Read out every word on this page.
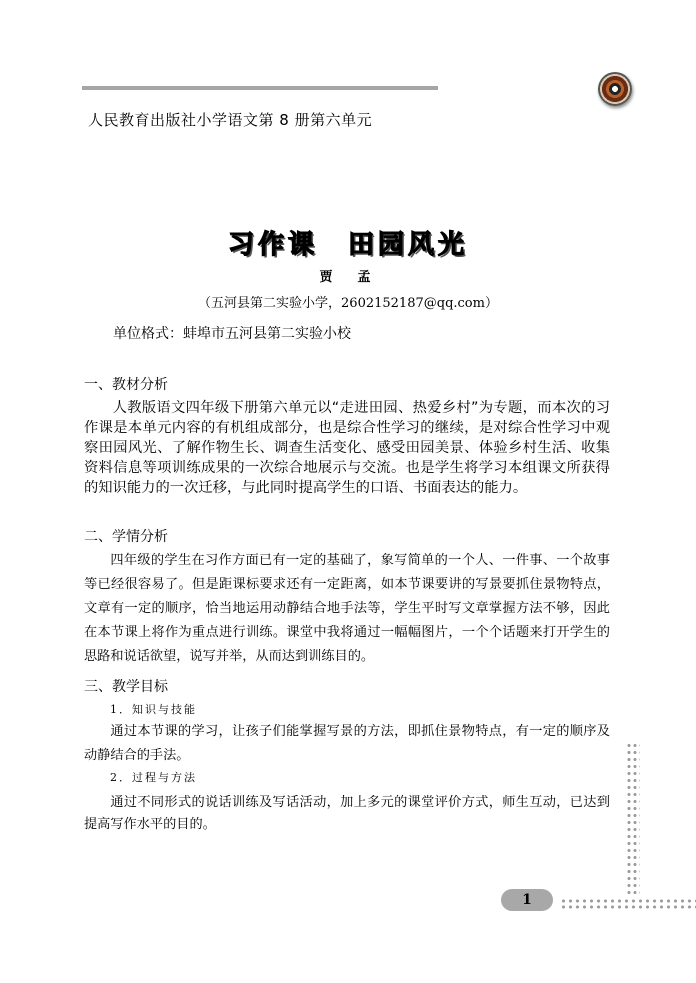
人民教育出版社小学语文第 8 册第六单元
习作课　田园风光
贾　孟
（五河县第二实验小学，2602152187@qq.com）
单位格式：蚌埠市五河县第二实验小校
一、教材分析

人教版语文四年级下册第六单元以“走进田园、热爱乡村”为专题，而本次的习作课是本单元内容的有机组成部分，也是综合性学习的继续，是对综合性学习中观察田园风光、了解作物生长、调查生活变化、感受田园美景、体验乡村生活、收集资料信息等项训练成果的一次综合地展示与交流。也是学生将学习本组课文所获得的知识能力的一次迁移，与此同时提高学生的口语、书面表达的能力。

二、学情分析

四年级的学生在习作方面已有一定的基础了，象写简单的一个人、一件事、一个故事等已经很容易了。但是距课标要求还有一定距离，如本节课要讲的写景要抓住景物特点，文章有一定的顺序，恰当地运用动静结合地手法等，学生平时写文章掌握方法不够，因此在本节课上将作为重点进行训练。课堂中我将通过一幅幅图片，一个个话题来打开学生的思路和说话欲望，说写并举，从而达到训练目的。

三、教学目标
1．知识与技能

通过本节课的学习，让孩子们能掌握写景的方法，即抓住景物特点，有一定的顺序及动静结合的手法。

2．过程与方法

通过不同形式的说话训练及写话活动，加上多元的课堂评价方式，师生互动，已达到提高写作水平的目的。

1
